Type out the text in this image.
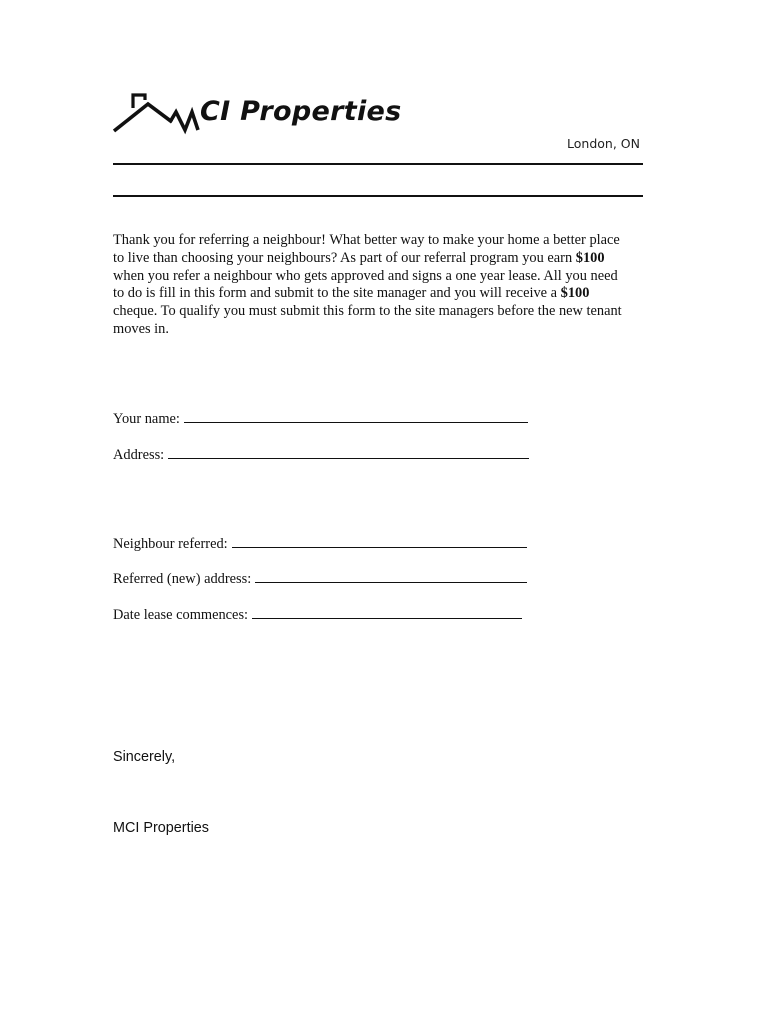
CI Properties
London, ON
Thank you for referring a neighbour! What better way to make your home a better place
to live than choosing your neighbours? As part of our referral program you earn $100
when you refer a neighbour who gets approved and signs a one year lease. All you need
to do is fill in this form and submit to the site manager and you will receive a $100
cheque. To qualify you must submit this form to the site managers before the new tenant
moves in.
Your name:
Address:
Neighbour referred:
Referred (new) address:
Date lease commences:
Sincerely,
MCI Properties
